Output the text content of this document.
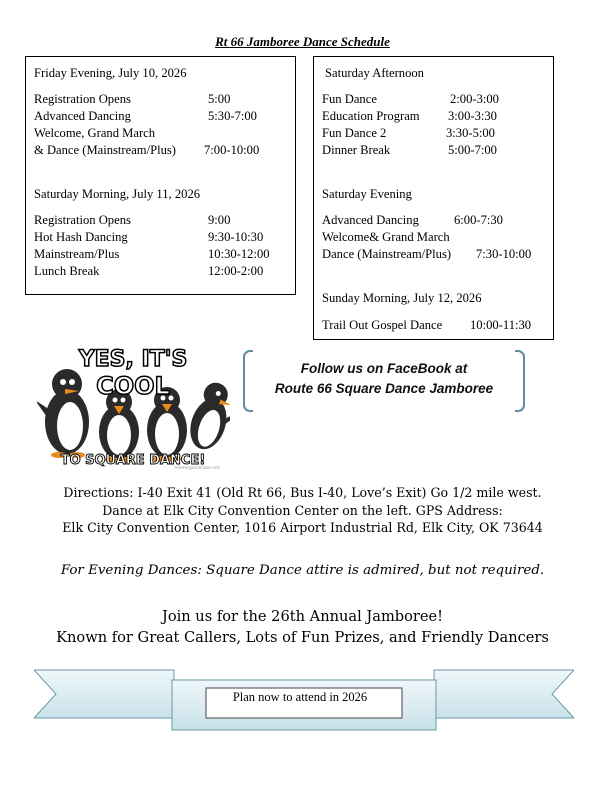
Rt 66 Jamboree Dance Schedule
Friday Evening, July 10, 2026
Registration Opens	5:00
Advanced Dancing	5:30-7:00
Welcome, Grand March
& Dance (Mainstream/Plus) 7:00-10:00
Saturday Morning, July 11, 2026
Registration Opens	9:00
Hot Hash Dancing	9:30-10:30
Mainstream/Plus	10:30-12:00
Lunch Break	12:00-2:00
Saturday Afternoon
Fun Dance	2:00-3:00
Education Program 3:00-3:30
Fun Dance 2	3:30-5:00
Dinner Break	5:00-7:00
Saturday Evening
Advanced Dancing	6:00-7:30
Welcome& Grand March
Dance (Mainstream/Plus) 7:30-10:00
Sunday Morning, July 12, 2026
Trail Out Gospel Dance 10:00-11:30
YES, IT'S
COOL
TO SQUARE DANCE!
memegenerator.net
Follow us on FaceBook at
Route 66 Square Dance Jamboree
Directions: I-40 Exit 41 (Old Rt 66, Bus I-40, Love’s Exit) Go 1/2 mile west.
Dance at Elk City Convention Center on the left. GPS Address:
Elk City Convention Center, 1016 Airport Industrial Rd, Elk City, OK 73644
For Evening Dances: Square Dance attire is admired, but not required.
Join us for the 26th Annual Jamboree!
Known for Great Callers, Lots of Fun Prizes, and Friendly Dancers
Plan now to attend in 2026
